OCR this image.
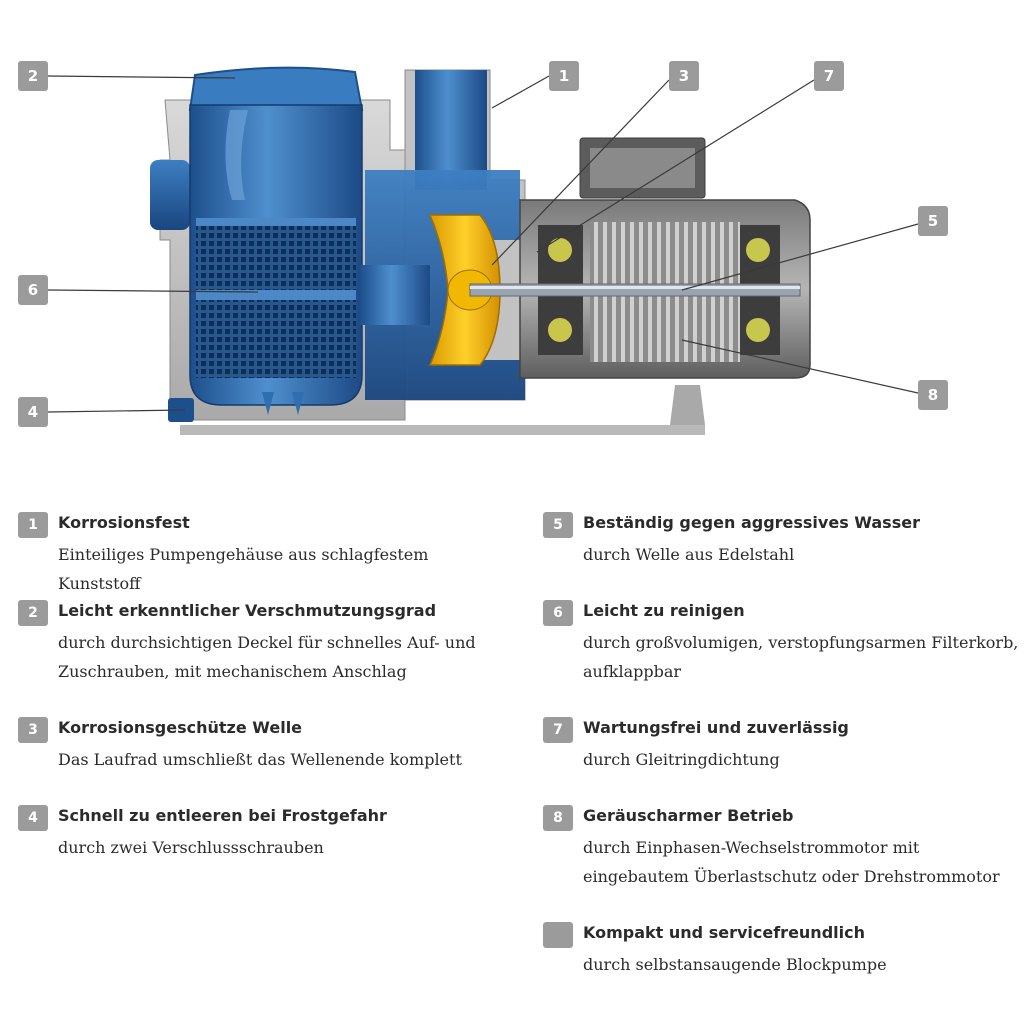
2	1	3	7
5
6
4
8
1	Korrosionsfest
Einteiliges Pumpengehäuse aus schlagfestem Kunststoff
2	Leicht erkenntlicher Verschmutzungsgrad
durch durchsichtigen Deckel für schnelles Auf- und Zuschrauben, mit mechanischem Anschlag
3	Korrosionsgeschütze Welle
Das Laufrad umschließt das Wellenende komplett
4	Schnell zu entleeren bei Frostgefahr
durch zwei Verschlussschrauben
5	Beständig gegen aggressives Wasser
durch Welle aus Edelstahl
6	Leicht zu reinigen
durch großvolumigen, verstopfungsarmen Filterkorb, aufklappbar
7	Wartungsfrei und zuverlässig
durch Gleitringdichtung
8	Geräuscharmer Betrieb
durch Einphasen-Wechselstrommotor mit eingebautem Überlastschutz oder Drehstrommotor
Kompakt und servicefreundlich
durch selbstansaugende Blockpumpe
